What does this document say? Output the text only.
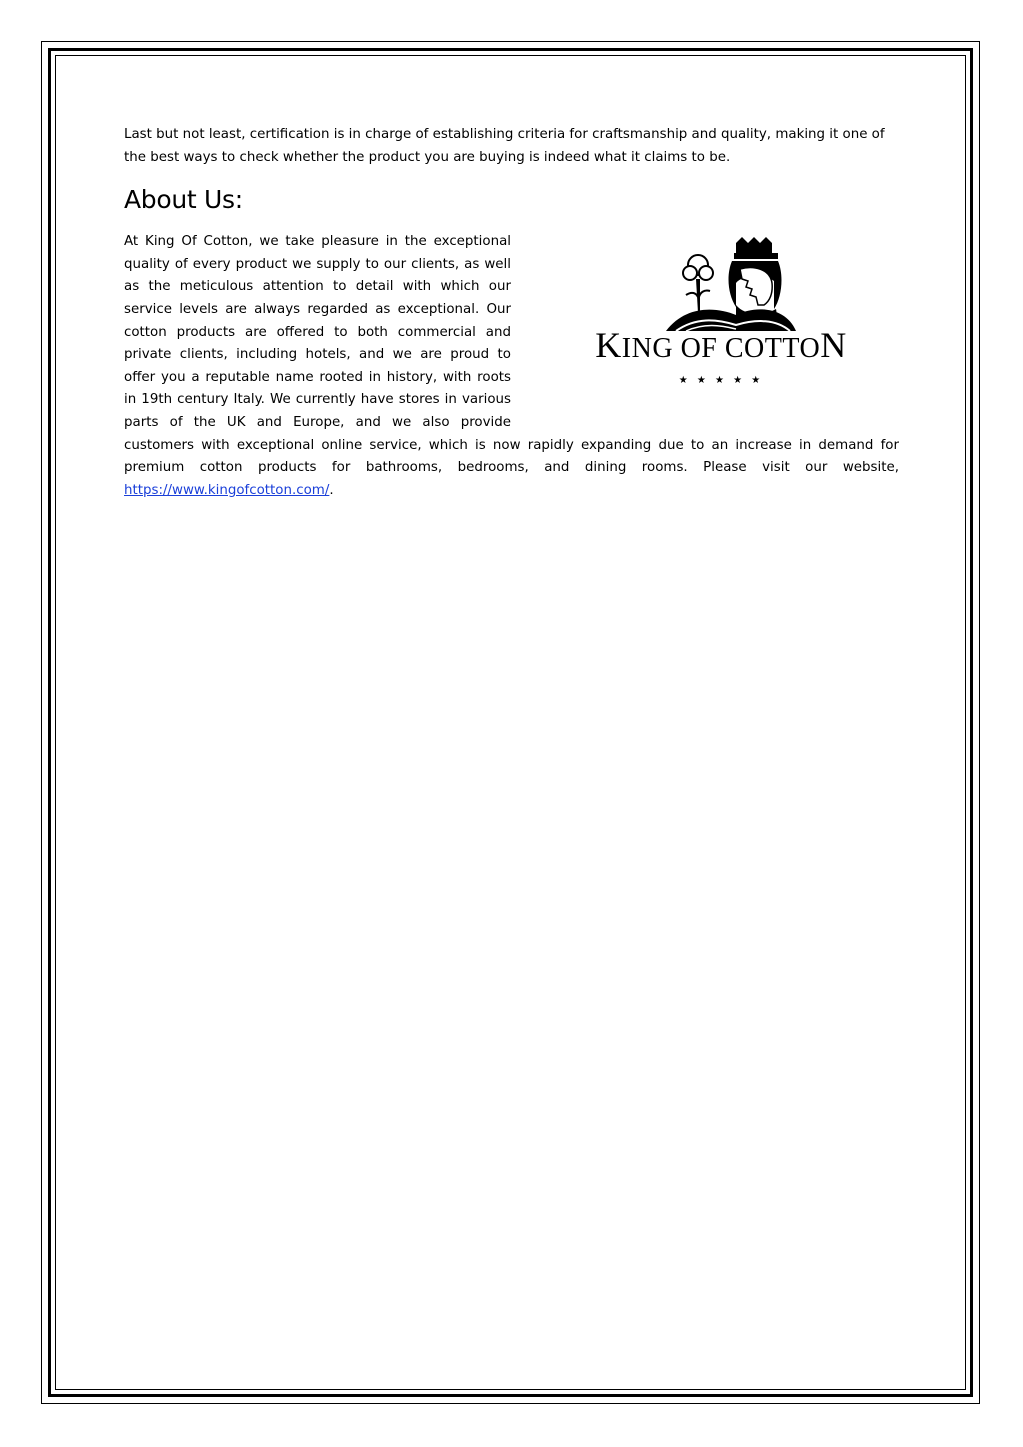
Last but not least, certification is in charge of establishing criteria for craftsmanship and quality, making it one of the best ways to check whether the product you are buying is indeed what it claims to be.

About Us:
KING OF COTTON
★ ★ ★ ★ ★

At King Of Cotton, we take pleasure in the exceptional quality of every product we supply to our clients, as well as the meticulous attention to detail with which our service levels are always regarded as exceptional. Our cotton products are offered to both commercial and private clients, including hotels, and we are proud to offer you a reputable name rooted in history, with roots in 19th century Italy. We currently have stores in various parts of the UK and Europe, and we also provide customers with exceptional online service, which is now rapidly expanding due to an increase in demand for premium cotton products for bathrooms, bedrooms, and dining rooms. Please visit our website, https://www.kingofcotton.com/.
